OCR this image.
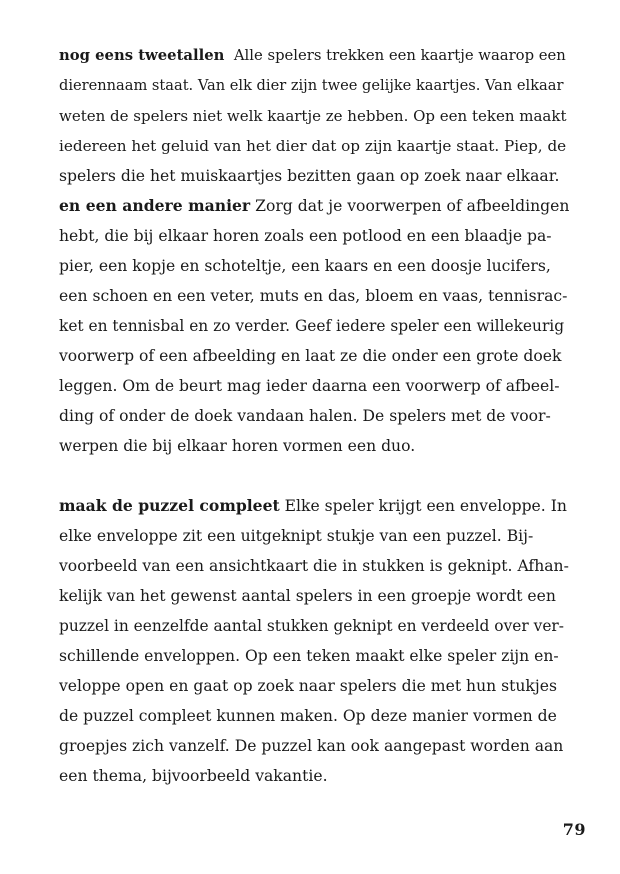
nog eens tweetallen Alle spelers trekken een kaartje waarop een
dierennaam staat. Van elk dier zijn twee gelijke kaartjes. Van elkaar
weten de spelers niet welk kaartje ze hebben. Op een teken maakt
iedereen het geluid van het dier dat op zijn kaartje staat. Piep, de
spelers die het muiskaartjes bezitten gaan op zoek naar elkaar.
en een andere manier Zorg dat je voorwerpen of afbeeldingen
hebt, die bij elkaar horen zoals een potlood en een blaadje pa-
pier, een kopje en schoteltje, een kaars en een doosje lucifers,
een schoen en een veter, muts en das, bloem en vaas, tennisrac-
ket en tennisbal en zo verder. Geef iedere speler een willekeurig
voorwerp of een afbeelding en laat ze die onder een grote doek
leggen. Om de beurt mag ieder daarna een voorwerp of afbeel-
ding of onder de doek vandaan halen. De spelers met de voor-
werpen die bij elkaar horen vormen een duo.
maak de puzzel compleet Elke speler krijgt een enveloppe. In
elke enveloppe zit een uitgeknipt stukje van een puzzel. Bij-
voorbeeld van een ansichtkaart die in stukken is geknipt. Afhan-
kelijk van het gewenst aantal spelers in een groepje wordt een
puzzel in eenzelfde aantal stukken geknipt en verdeeld over ver-
schillende enveloppen. Op een teken maakt elke speler zijn en-
veloppe open en gaat op zoek naar spelers die met hun stukjes
de puzzel compleet kunnen maken. Op deze manier vormen de
groepjes zich vanzelf. De puzzel kan ook aangepast worden aan
een thema, bijvoorbeeld vakantie.
79
